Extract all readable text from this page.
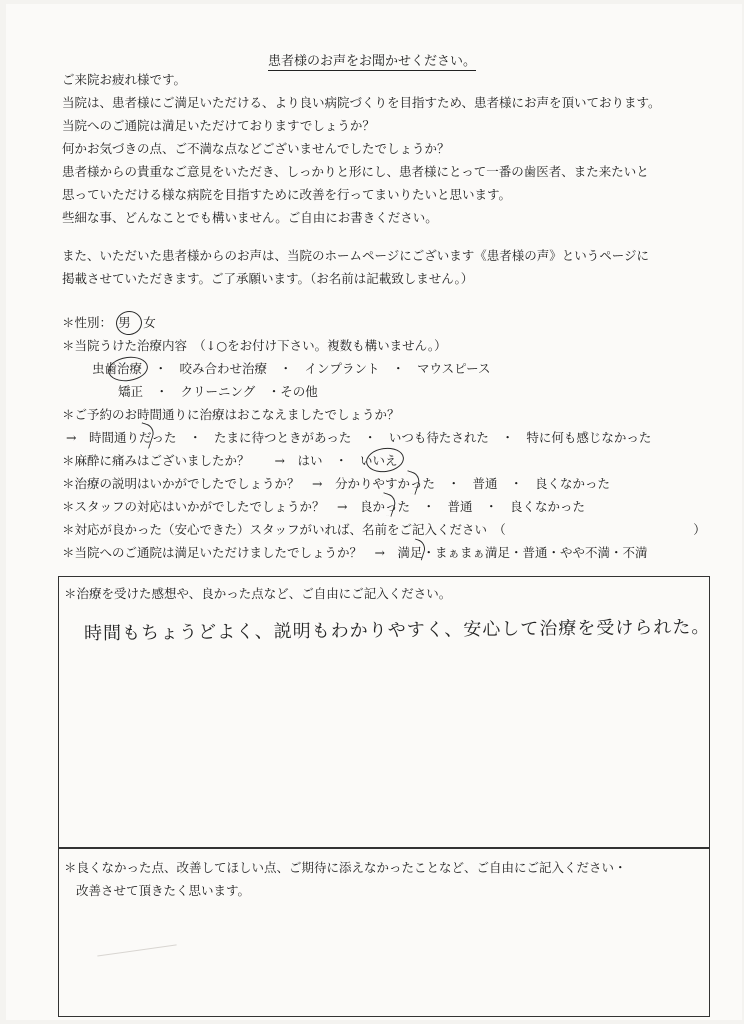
患者様のお声をお聞かせください。
ご来院お疲れ様です。
当院は、患者様にご満足いただける、より良い病院づくりを目指すため、患者様にお声を頂いております。
当院へのご通院は満足いただけておりますでしょうか？
何かお気づきの点、ご不満な点などございませんでしたでしょうか？
患者様からの貴重なご意見をいただき、しっかりと形にし、患者様にとって一番の歯医者、また来たいと
思っていただける様な病院を目指すために改善を行ってまいりたいと思います。
些細な事、どんなことでも構いません。ご自由にお書きください。
また、いただいた患者様からのお声は、当院のホームページにございます《患者様の声》というページに
掲載させていただきます。ご了承願います。（お名前は記載致しません。）
＊性別：　男　女
＊当院うけた治療内容　（↓○をお付け下さい。複数も構いません。）
虫歯治療　・　咬み合わせ治療　・　インプラント　・　マウスピース
矯正　・　クリーニング　・その他
＊ご予約のお時間通りに治療はおこなえましたでしょうか？
→　時間通りだった　・　たまに待つときがあった　・　いつも待たされた　・　特に何も感じなかった
＊麻酔に痛みはございましたか？　　→　はい　・　いいえ
＊治療の説明はいかがでしたでしょうか？　→　分かりやすかった　・　普通　・　良くなかった
＊スタッフの対応はいかがでしたでしょうか？　→　良かった　・　普通　・　良くなかった
＊対応が良かった（安心できた）スタッフがいれば、名前をご記入ください　（　　　　　　　　　　　　　　　）
＊当院へのご通院は満足いただけましたでしょうか？　→　満足・まぁまぁ満足・普通・やや不満・不満
＊治療を受けた感想や、良かった点など、ご自由にご記入ください。
時間もちょうどよく、説明もわかりやすく、安心して治療を受けられた。
＊良くなかった点、改善してほしい点、ご期待に添えなかったことなど、ご自由にご記入ください・
改善させて頂きたく思います。
